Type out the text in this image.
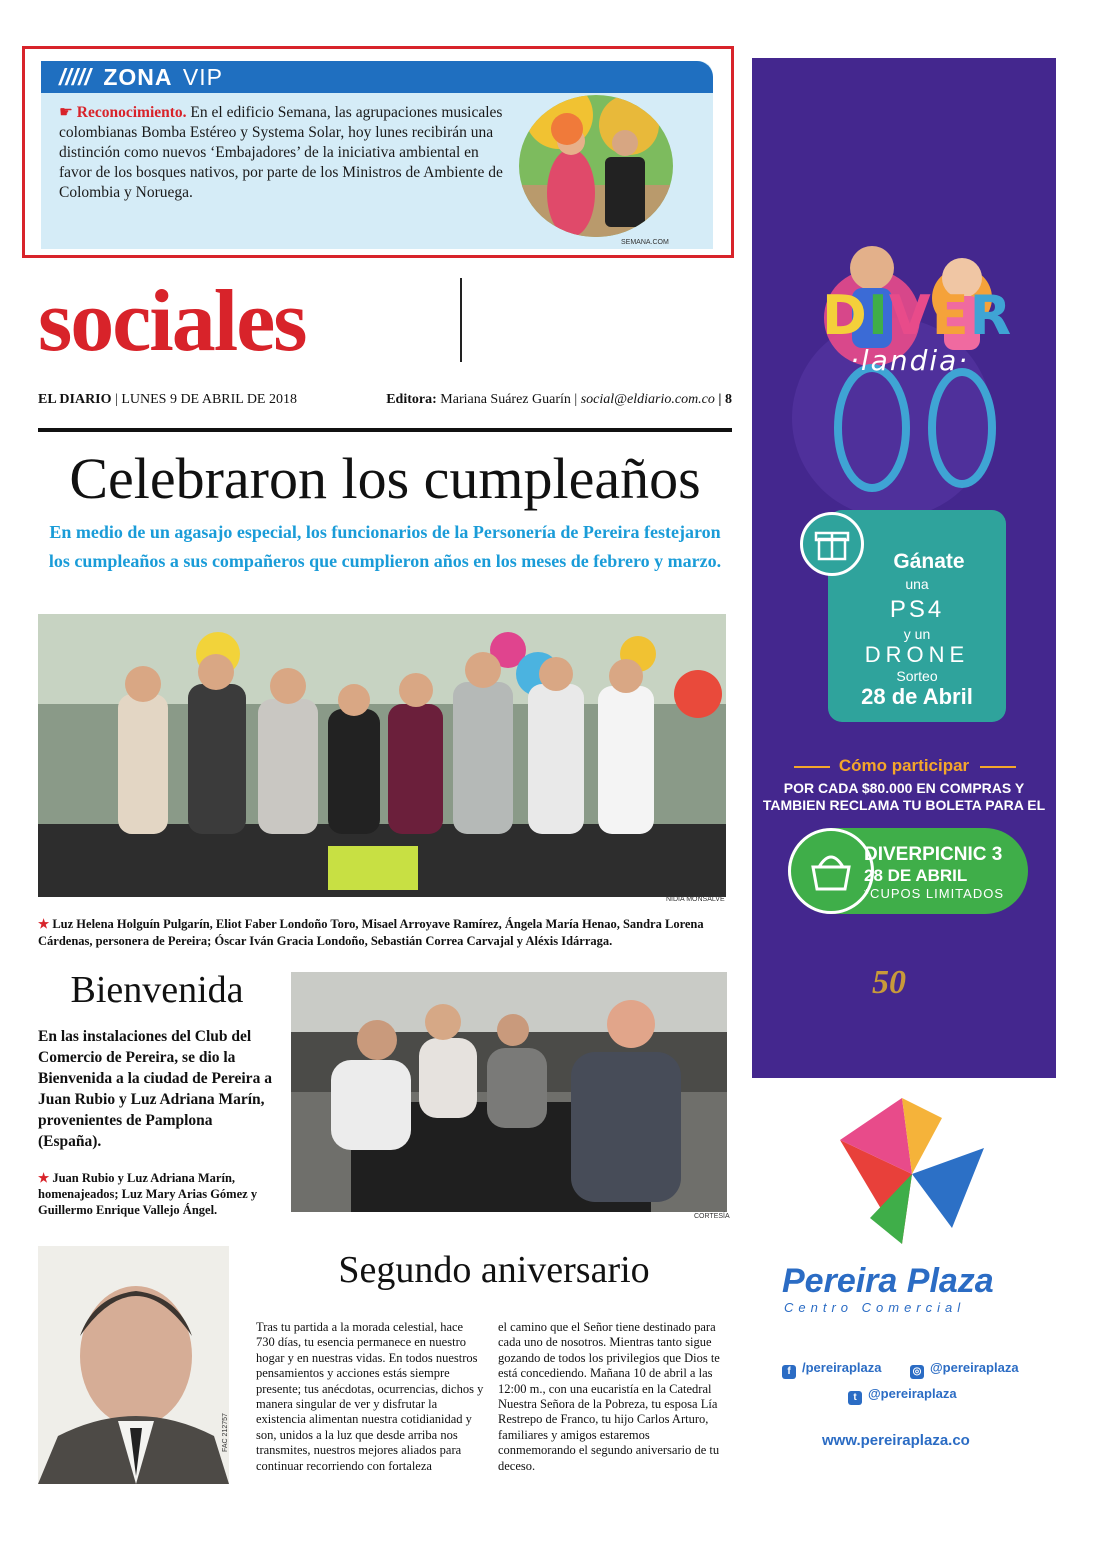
///// ZONA VIP
☛ Reconocimiento. En el edificio Semana, las agrupaciones musicales colombianas Bomba Estéreo y Systema Solar, hoy lunes recibirán una distinción como nuevos ‘Embajadores’ de la iniciativa ambiental en favor de los bosques nativos, por parte de los Ministros de Ambiente de Colombia y Noruega.
SEMANA.COM
sociales
EL DIARIO | LUNES 9 DE ABRIL DE 2018	Editora: Mariana Suárez Guarín | social@eldiario.com.co | 8
Celebraron los cumpleaños
En medio de un agasajo especial, los funcionarios de la Personería de Pereira festejaron los cumpleaños a sus compañeros que cumplieron años en los meses de febrero y marzo.
NIDIA MONSALVE
★ Luz Helena Holguín Pulgarín, Eliot Faber Londoño Toro, Misael Arroyave Ramírez, Ángela María Henao, Sandra Lorena Cárdenas, personera de Pereira; Óscar Iván Gracia Londoño, Sebastián Correa Carvajal y Aléxis Idárraga.
Bienvenida
En las instalaciones del Club del Comercio de Pereira, se dio la Bienvenida a la ciudad de Pereira a Juan Rubio y Luz Adriana Marín, provenientes de Pamplona (España).
★ Juan Rubio y Luz Adriana Marín, homenajeados; Luz Mary Arias Gómez y Guillermo Enrique Vallejo Ángel.	CORTESÍA
FAC 212757
Segundo aniversario
Tras tu partida a la morada celestial, hace 730 días, tu esencia permanece en nuestro hogar y en nuestras vidas. En todos nuestros pensamientos y acciones estás siempre presente; tus anécdotas, ocurrencias, dichos y manera singular de ver y disfrutar la existencia alimentan nuestra cotidianidad y son, unidos a la luz que desde arriba nos transmites, nuestros mejores aliados para continuar recorriendo con fortaleza
el camino que el Señor tiene destinado para cada uno de nosotros. Mientras tanto sigue gozando de todos los privilegios que Dios te está concediendo. Mañana 10 de abril a las 12:00 m., con una eucaristía en la Catedral Nuestra Señora de la Pobreza, tu esposa Lía Restrepo de Franco, tu hijo Carlos Arturo, familiares y amigos estaremos conmemorando el segundo aniversario de tu deceso.
DIVER
·landia·
Gánate
una
PS4
y un
DRONE
Sorteo
28 de Abril
Cómo participar
POR CADA $80.000 EN COMPRAS Y TAMBIEN RECLAMA TU BOLETA PARA EL
DIVERPICNIC 3
28 DE ABRIL
*CUPOS LIMITADOS
50
Pereira Plaza
Centro Comercial
f /pereiraplaza	◎ @pereiraplaza
t @pereiraplaza
www.pereiraplaza.co
